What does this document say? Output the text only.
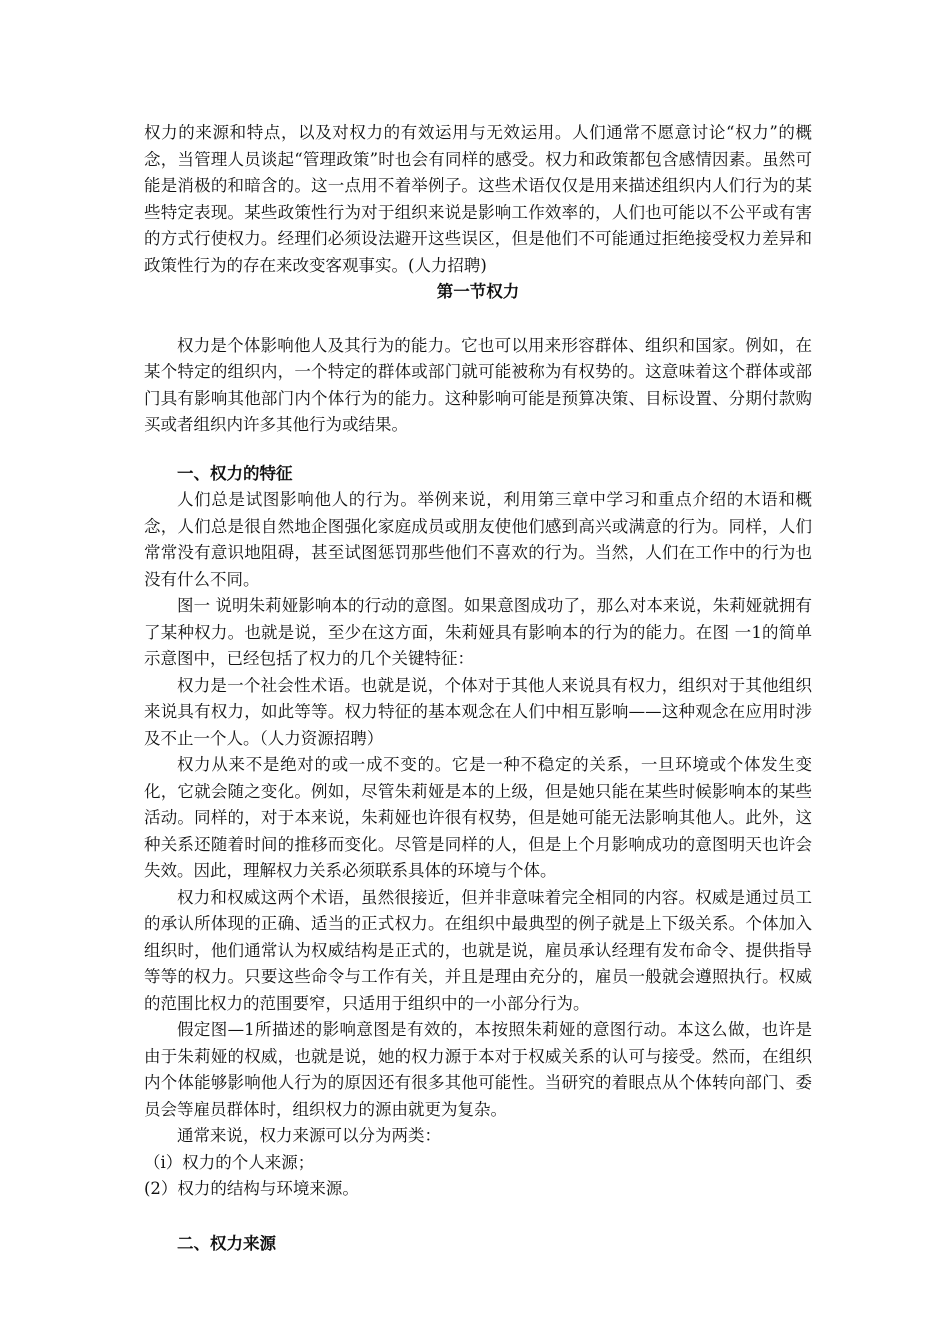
权力的来源和特点，以及对权力的有效运用与无效运用。人们通常不愿意讨论“权力”的概念，当管理人员谈起“管理政策”时也会有同样的感受。权力和政策都包含感情因素。虽然可能是消极的和暗含的。这一点用不着举例子。这些术语仅仅是用来描述组织内人们行为的某些特定表现。某些政策性行为对于组织来说是影响工作效率的，人们也可能以不公平或有害的方式行使权力。经理们必须设法避开这些误区，但是他们不可能通过拒绝接受权力差异和政策性行为的存在来改变客观事实。(人力招聘)

第一节权力

权力是个体影响他人及其行为的能力。它也可以用来形容群体、组织和国家。例如，在某个特定的组织内，一个特定的群体或部门就可能被称为有权势的。这意味着这个群体或部门具有影响其他部门内个体行为的能力。这种影响可能是预算决策、目标设置、分期付款购买或者组织内许多其他行为或结果。

一、权力的特征

人们总是试图影响他人的行为。举例来说，利用第三章中学习和重点介绍的木语和概念，人们总是很自然地企图强化家庭成员或朋友使他们感到高兴或满意的行为。同样，人们常常没有意识地阻碍，甚至试图惩罚那些他们不喜欢的行为。当然，人们在工作中的行为也没有什么不同。

图一 说明朱莉娅影响本的行动的意图。如果意图成功了，那么对本来说，朱莉娅就拥有了某种权力。也就是说，至少在这方面，朱莉娅具有影响本的行为的能力。在图 一1的简单示意图中，已经包括了权力的几个关键特征：

权力是一个社会性术语。也就是说，个体对于其他人来说具有权力，组织对于其他组织来说具有权力，如此等等。权力特征的基本观念在人们中相互影响——这种观念在应用时涉及不止一个人。（人力资源招聘）

权力从来不是绝对的或一成不变的。它是一种不稳定的关系，一旦环境或个体发生变化，它就会随之变化。例如，尽管朱莉娅是本的上级，但是她只能在某些时候影响本的某些活动。同样的，对于本来说，朱莉娅也许很有权势，但是她可能无法影响其他人。此外，这种关系还随着时间的推移而变化。尽管是同样的人，但是上个月影响成功的意图明天也许会失效。因此，理解权力关系必须联系具体的环境与个体。

权力和权威这两个术语，虽然很接近，但并非意味着完全相同的内容。权威是通过员工的承认所体现的正确、适当的正式权力。在组织中最典型的例子就是上下级关系。个体加入组织时，他们通常认为权威结构是正式的，也就是说，雇员承认经理有发布命令、提供指导等等的权力。只要这些命令与工作有关，并且是理由充分的，雇员一般就会遵照执行。权威的范围比权力的范围要窄，只适用于组织中的一小部分行为。

假定图—1所描述的影响意图是有效的，本按照朱莉娅的意图行动。本这么做，也许是由于朱莉娅的权威，也就是说，她的权力源于本对于权威关系的认可与接受。然而，在组织内个体能够影响他人行为的原因还有很多其他可能性。当研究的着眼点从个体转向部门、委员会等雇员群体时，组织权力的源由就更为复杂。

通常来说，权力来源可以分为两类：

（i）权力的个人来源；

(2）权力的结构与环境来源。

二、权力来源
